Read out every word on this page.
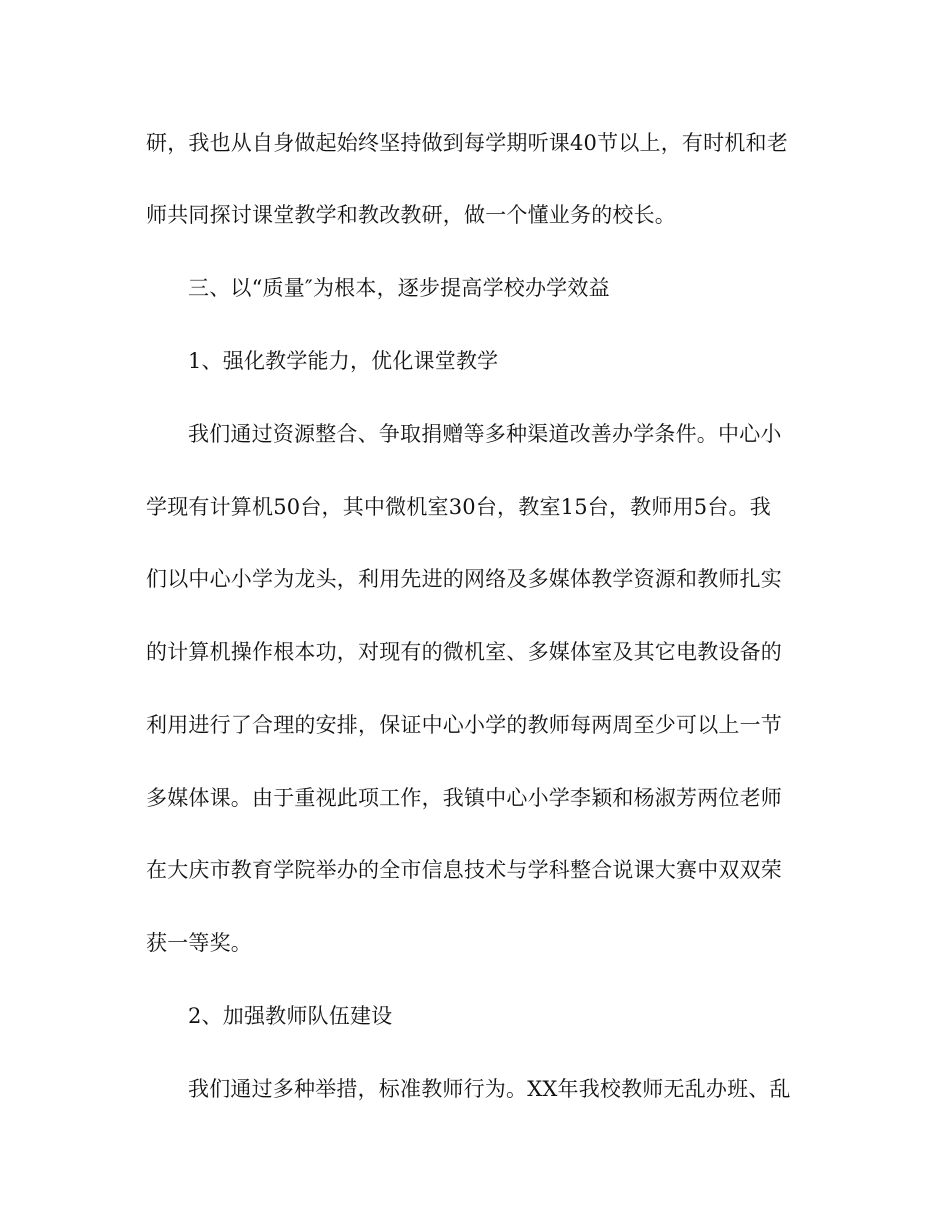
研，我也从自身做起始终坚持做到每学期听课40节以上，有时机和老
师共同探讨课堂教学和教改教研，做一个懂业务的校长。
三、以“质量″为根本，逐步提高学校办学效益
1、强化教学能力，优化课堂教学
我们通过资源整合、争取捐赠等多种渠道改善办学条件。中心小
学现有计算机50台，其中微机室30台，教室15台，教师用5台。我
们以中心小学为龙头，利用先进的网络及多媒体教学资源和教师扎实
的计算机操作根本功，对现有的微机室、多媒体室及其它电教设备的
利用进行了合理的安排，保证中心小学的教师每两周至少可以上一节
多媒体课。由于重视此项工作，我镇中心小学李颖和杨淑芳两位老师
在大庆市教育学院举办的全市信息技术与学科整合说课大赛中双双荣
获一等奖。
2、加强教师队伍建设
我们通过多种举措，标准教师行为。XX年我校教师无乱办班、乱
